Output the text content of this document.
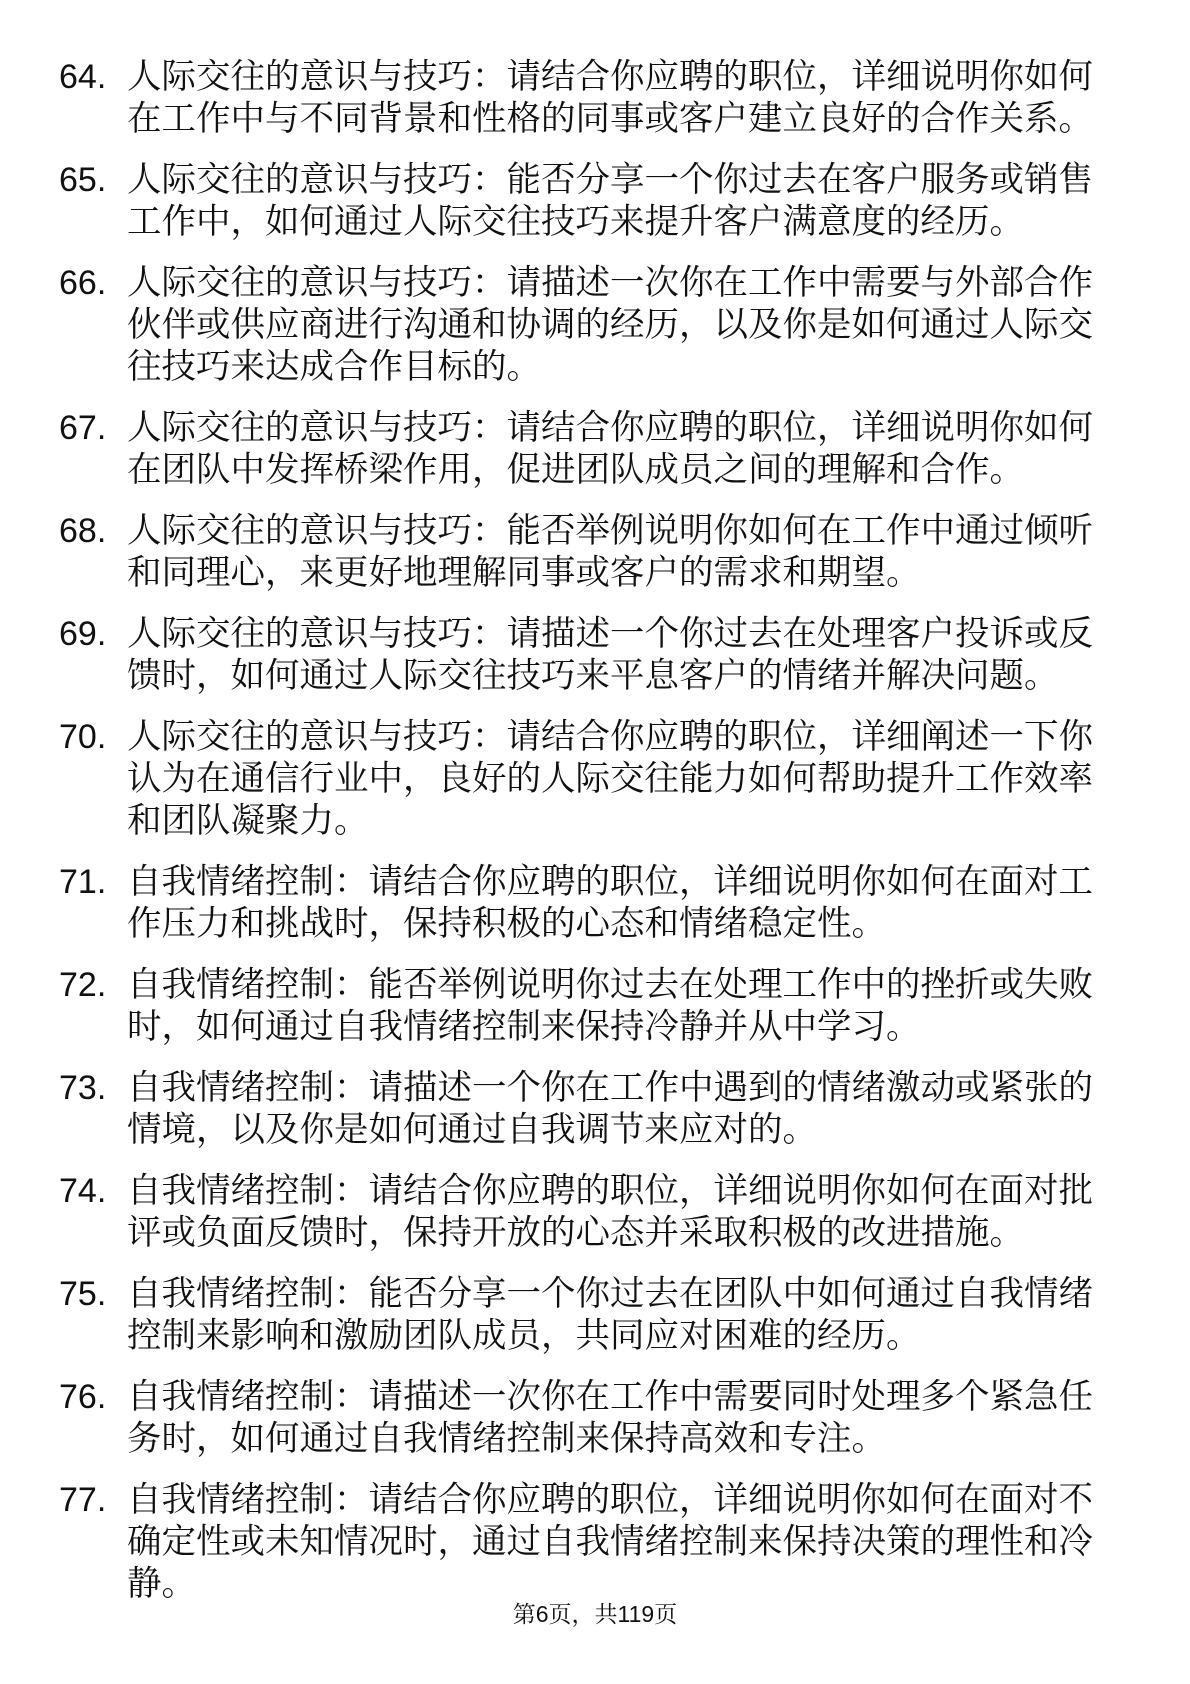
64. 人际交往的意识与技巧：请结合你应聘的职位，详细说明你如何
在工作中与不同背景和性格的同事或客户建立良好的合作关系。
65. 人际交往的意识与技巧：能否分享一个你过去在客户服务或销售
工作中，如何通过人际交往技巧来提升客户满意度的经历。
66. 人际交往的意识与技巧：请描述一次你在工作中需要与外部合作
伙伴或供应商进行沟通和协调的经历，以及你是如何通过人际交
往技巧来达成合作目标的。
67. 人际交往的意识与技巧：请结合你应聘的职位，详细说明你如何
在团队中发挥桥梁作用，促进团队成员之间的理解和合作。
68. 人际交往的意识与技巧：能否举例说明你如何在工作中通过倾听
和同理心，来更好地理解同事或客户的需求和期望。
69. 人际交往的意识与技巧：请描述一个你过去在处理客户投诉或反
馈时，如何通过人际交往技巧来平息客户的情绪并解决问题。
70. 人际交往的意识与技巧：请结合你应聘的职位，详细阐述一下你
认为在通信行业中，良好的人际交往能力如何帮助提升工作效率
和团队凝聚力。
71. 自我情绪控制：请结合你应聘的职位，详细说明你如何在面对工
作压力和挑战时，保持积极的心态和情绪稳定性。
72. 自我情绪控制：能否举例说明你过去在处理工作中的挫折或失败
时，如何通过自我情绪控制来保持冷静并从中学习。
73. 自我情绪控制：请描述一个你在工作中遇到的情绪激动或紧张的
情境，以及你是如何通过自我调节来应对的。
74. 自我情绪控制：请结合你应聘的职位，详细说明你如何在面对批
评或负面反馈时，保持开放的心态并采取积极的改进措施。
75. 自我情绪控制：能否分享一个你过去在团队中如何通过自我情绪
控制来影响和激励团队成员，共同应对困难的经历。
76. 自我情绪控制：请描述一次你在工作中需要同时处理多个紧急任
务时，如何通过自我情绪控制来保持高效和专注。
77. 自我情绪控制：请结合你应聘的职位，详细说明你如何在面对不
确定性或未知情况时，通过自我情绪控制来保持决策的理性和冷
静。
第6页，共119页
